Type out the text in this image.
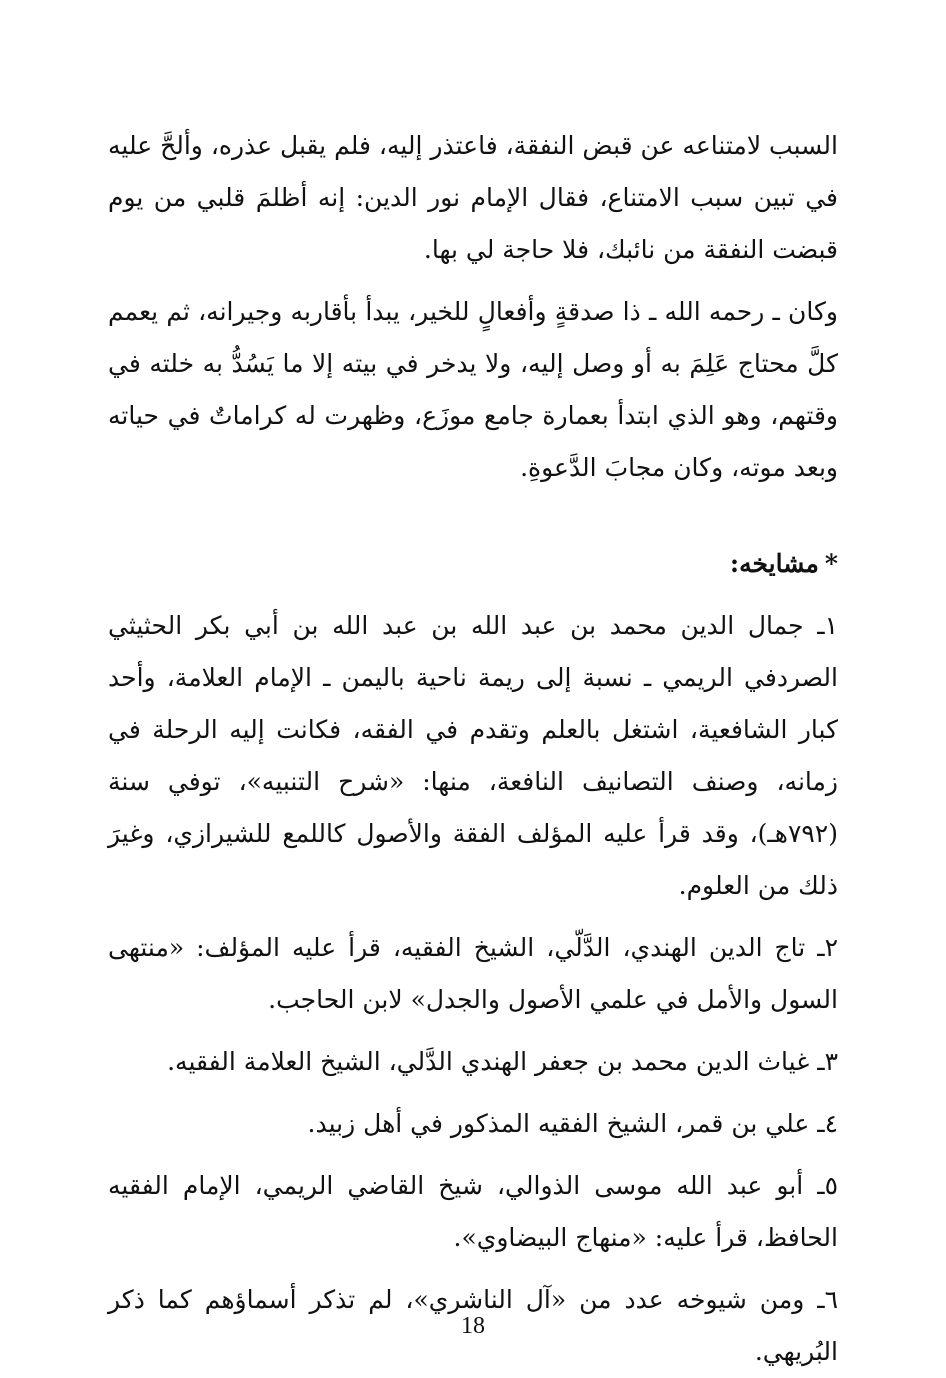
السبب لامتناعه عن قبض النفقة، فاعتذر إليه، فلم يقبل عذره، وألحَّ عليه في تبين سبب الامتناع، فقال الإمام نور الدين: إنه أظلمَ قلبي من يوم قبضت النفقة من نائبك، فلا حاجة لي بها.

وكان ـ رحمه الله ـ ذا صدقةٍ وأفعالٍ للخير، يبدأ بأقاربه وجيرانه، ثم يعمم كلَّ محتاج عَلِمَ به أو وصل إليه، ولا يدخر في بيته إلا ما يَسُدُّ به خلته في وقتهم، وهو الذي ابتدأ بعمارة جامع موزَع، وظهرت له كراماتٌ في حياته وبعد موته، وكان مجابَ الدَّعوةِ.

*مشايخه:

١ـ جمال الدين محمد بن عبد الله بن عبد الله بن أبي بكر الحثيثي الصردفي الريمي ـ نسبة إلى ريمة ناحية باليمن ـ الإمام العلامة، وأحد كبار الشافعية، اشتغل بالعلم وتقدم في الفقه، فكانت إليه الرحلة في زمانه، وصنف التصانيف النافعة، منها: «شرح التنبيه»، توفي سنة (٧٩٢هـ)، وقد قرأ عليه المؤلف الفقة والأصول كاللمع للشيرازي، وغيرَ ذلك من العلوم.

٢ـ تاج الدين الهندي، الدَّلّي، الشيخ الفقيه، قرأ عليه المؤلف: «منتهى السول والأمل في علمي الأصول والجدل» لابن الحاجب.

٣ـ غياث الدين محمد بن جعفر الهندي الدَّلي، الشيخ العلامة الفقيه.

٤ـ علي بن قمر، الشيخ الفقيه المذكور في أهل زبيد.

٥ـ أبو عبد الله موسى الذوالي، شيخ القاضي الريمي، الإمام الفقيه الحافظ، قرأ عليه: «منهاج البيضاوي».

٦ـ ومن شيوخه عدد من «آل الناشري»، لم تذكر أسماؤهم كما ذكر البُريهي.

18
